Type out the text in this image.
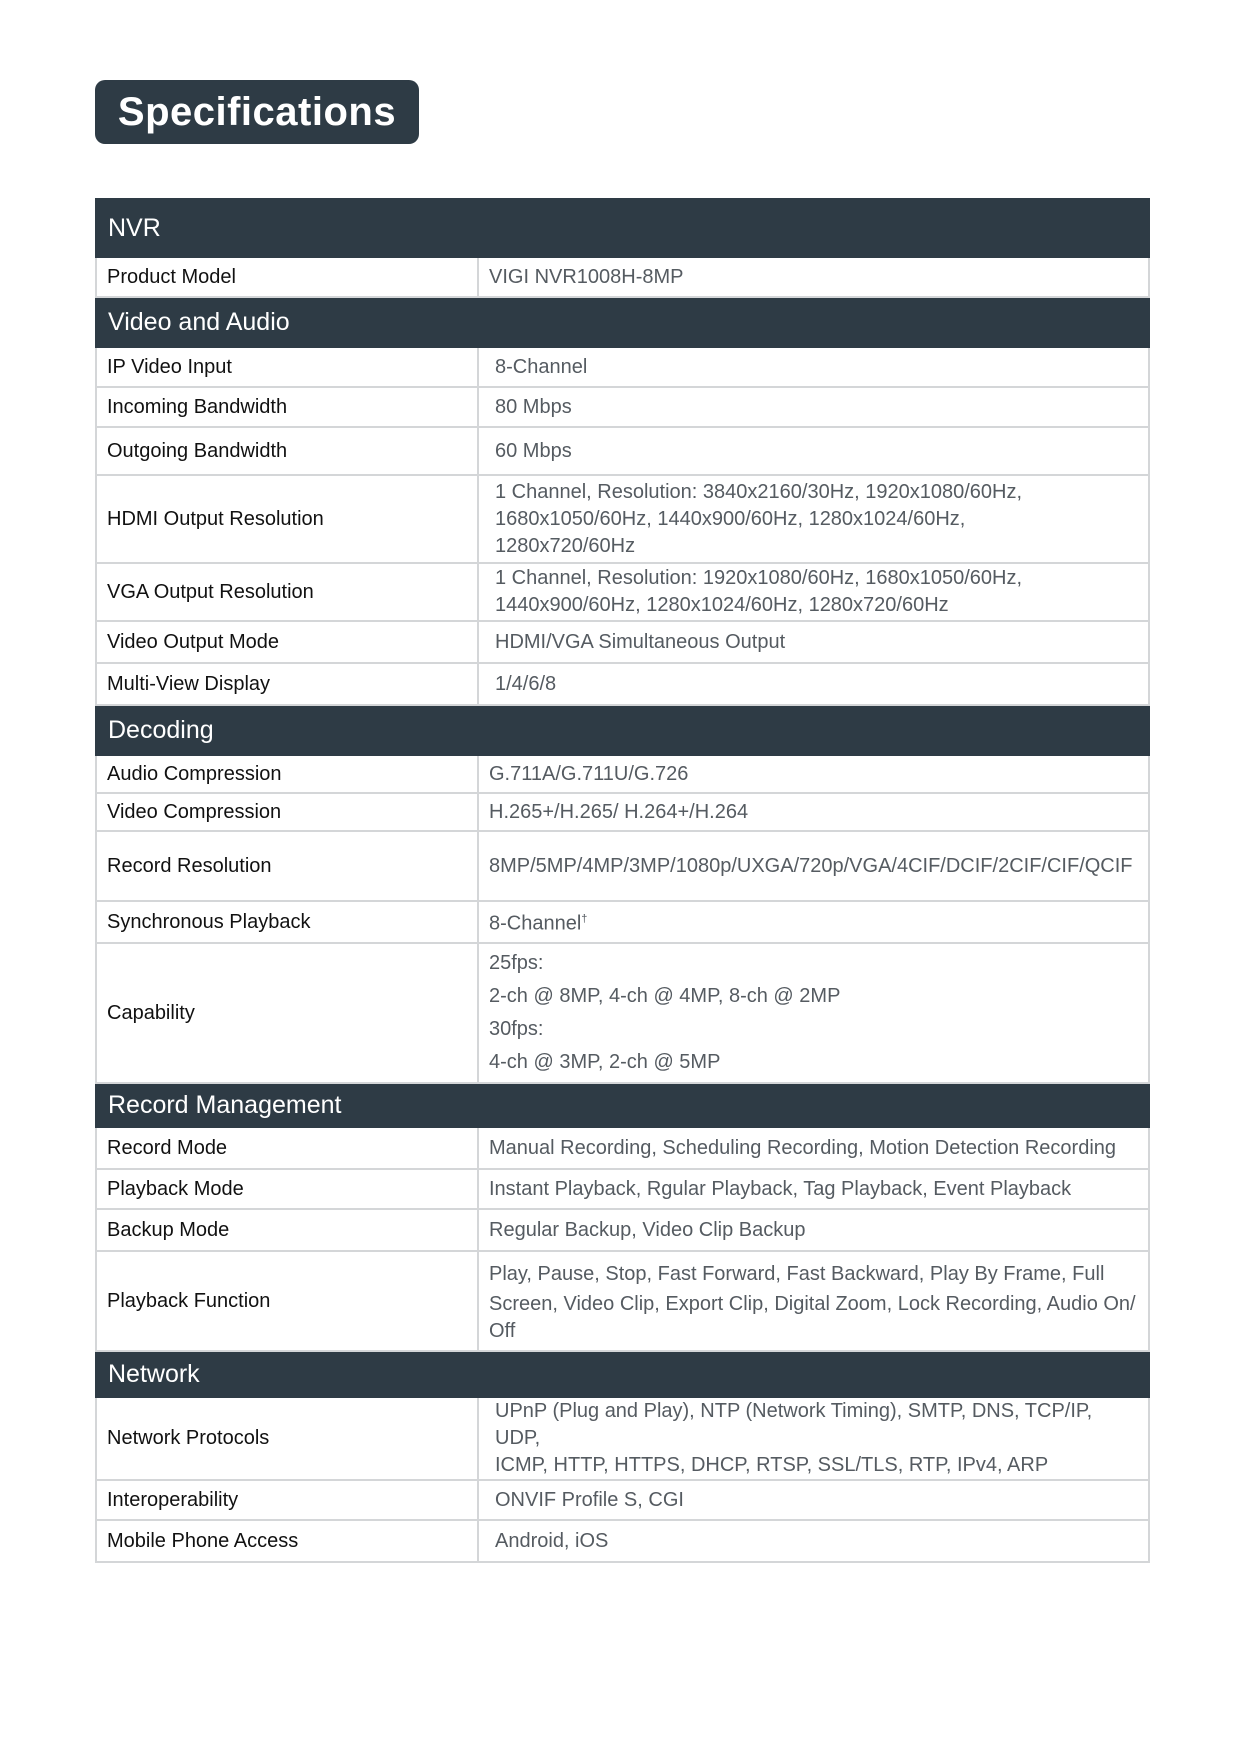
Specifications
NVR	
Product Model	VIGI NVR1008H-8MP

Video and Audio	
IP Video Input	8-Channel

Incoming Bandwidth	80 Mbps

Outgoing Bandwidth	60 Mbps

HDMI Output Resolution	1 Channel, Resolution: 3840x2160/30Hz, 1920x1080/60Hz,
1680x1050/60Hz, 1440x900/60Hz, 1280x1024/60Hz,
1280x720/60Hz

VGA Output Resolution	1 Channel, Resolution: 1920x1080/60Hz, 1680x1050/60Hz,
1440x900/60Hz, 1280x1024/60Hz, 1280x720/60Hz

Video Output Mode	HDMI/VGA Simultaneous Output

Multi-View Display	1/4/6/8

Decoding	
Audio Compression	G.711A/G.711U/G.726

Video Compression	H.265+/H.265/ H.264+/H.264

Record Resolution	8MP/5MP/4MP/3MP/1080p/UXGA/720p/VGA/4CIF/DCIF/2CIF/CIF/QCIF

Synchronous Playback	8-Channel†
Capability	25fps:
2-ch @ 8MP, 4-ch @ 4MP, 8-ch @ 2MP
30fps:
4-ch @ 3MP, 2-ch @ 5MP

Record Management	
Record Mode	Manual Recording, Scheduling Recording, Motion Detection Recording

Playback Mode	Instant Playback, Rgular Playback, Tag Playback, Event Playback

Backup Mode	Regular Backup, Video Clip Backup

Playback Function	Play, Pause, Stop, Fast Forward, Fast Backward, Play By Frame, Full
Screen, Video Clip, Export Clip, Digital Zoom, Lock Recording, Audio On/
Off

Network	
Network Protocols	UPnP (Plug and Play), NTP (Network Timing), SMTP, DNS, TCP/IP, UDP,
ICMP, HTTP, HTTPS, DHCP, RTSP, SSL/TLS, RTP, IPv4, ARP

Interoperability	ONVIF Profile S, CGI

Mobile Phone Access	Android, iOS
